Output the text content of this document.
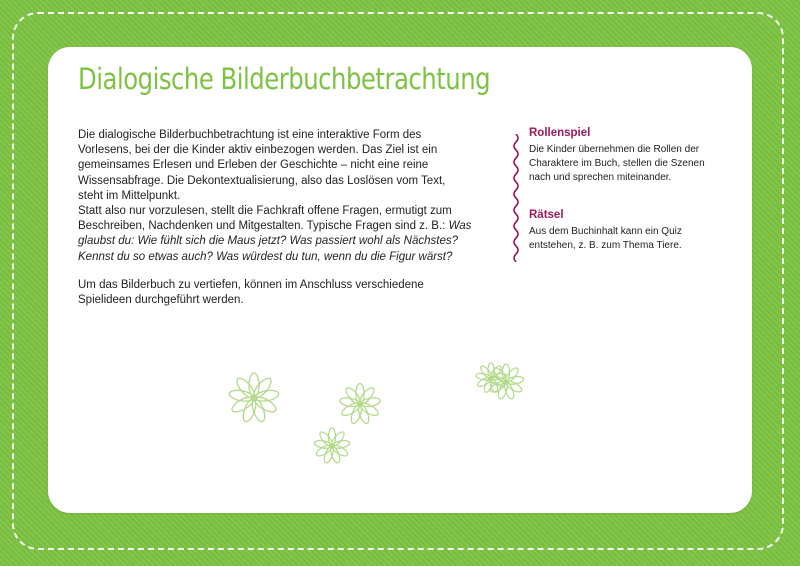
Dialogische Bilderbuchbetrachtung

Die dialogische Bilderbuchbetrachtung ist eine interaktive Form des Vorlesens, bei der die Kinder aktiv einbezogen werden. Das Ziel ist ein gemeinsames Erlesen und Erleben der Geschichte – nicht eine reine Wissensabfrage. Die Dekontextualisierung, also das Loslösen vom Text, steht im Mittelpunkt.

Statt also nur vorzulesen, stellt die Fachkraft offene Fragen, ermutigt zum Beschreiben, Nachdenken und Mitgestalten. Typische Fragen sind z. B.: Was glaubst du: Wie fühlt sich die Maus jetzt? Was passiert wohl als Nächstes? Kennst du so etwas auch? Was würdest du tun, wenn du die Figur wärst?

Um das Bilderbuch zu vertiefen, können im Anschluss verschiedene Spielideen durchgeführt werden.

Rollenspiel
Die Kinder übernehmen die Rollen der Charaktere im Buch, stellen die Szenen nach und sprechen miteinander.
Rätsel
Aus dem Buchinhalt kann ein Quiz entstehen, z. B. zum Thema Tiere.
